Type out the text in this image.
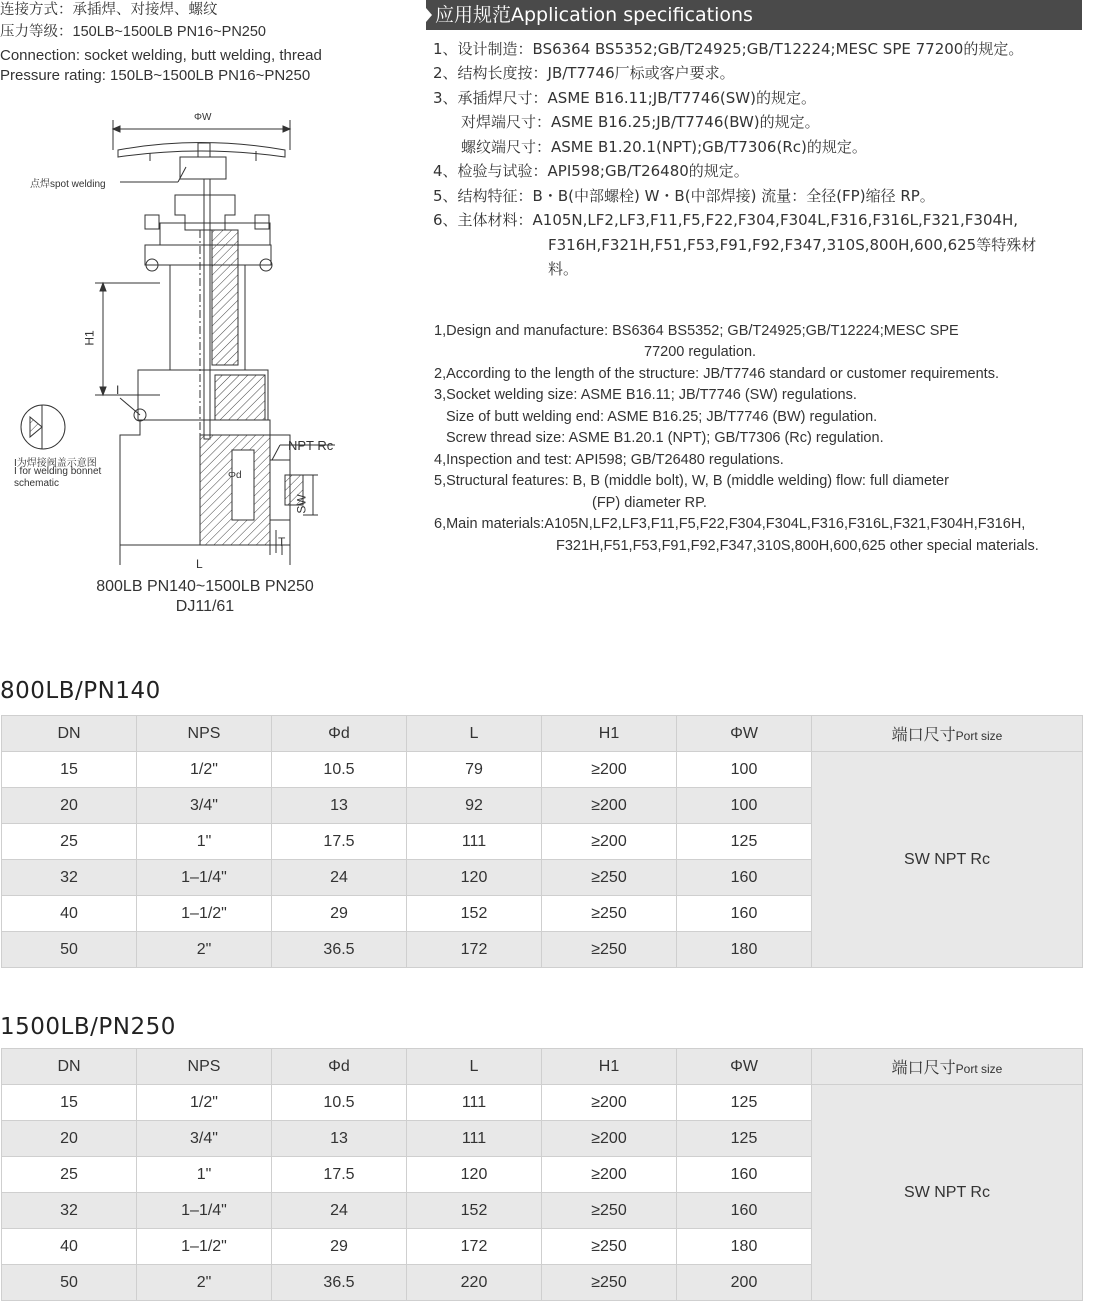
连接方式：承插焊、对接焊、螺纹
压力等级：150LB~1500LB PN16~PN250
Connection: socket welding, butt welding, thread
Pressure rating: 150LB~1500LB PN16~PN250
ΦW
点焊spot welding
H1
I
NPT Rc
Φd
SW
T
L
I为焊接阀盖示意图
I for welding bonnet
schematic
800LB PN140~1500LB PN250
DJ11/61
应用规范Application specifications
1、设计制造：BS6364 BS5352;GB/T24925;GB/T12224;MESC SPE 77200的规定。
2、结构长度按：JB/T7746厂标或客户要求。
3、承插焊尺寸：ASME B16.11;JB/T7746(SW)的规定。
对焊端尺寸：ASME B16.25;JB/T7746(BW)的规定。
螺纹端尺寸：ASME B1.20.1(NPT);GB/T7306(Rc)的规定。
4、检验与试验：API598;GB/T26480的规定。
5、结构特征：B・B(中部螺栓) W・B(中部焊接) 流量：全径(FP)缩径 RP。
6、主体材料：A105N,LF2,LF3,F11,F5,F22,F304,F304L,F316,F316L,F321,F304H,
F316H,F321H,F51,F53,F91,F92,F347,310S,800H,600,625等特殊材
料。
1,Design and manufacture: BS6364 BS5352; GB/T24925;GB/T12224;MESC SPE
77200 regulation.
2,According to the length of the structure: JB/T7746 standard or customer requirements.
3,Socket welding size: ASME B16.11; JB/T7746 (SW) regulations.
Size of butt welding end: ASME B16.25; JB/T7746 (BW) regulation.
Screw thread size: ASME B1.20.1 (NPT); GB/T7306 (Rc) regulation.
4,Inspection and test: API598; GB/T26480 regulations.
5,Structural features: B, B (middle bolt), W, B (middle welding) flow: full diameter
(FP) diameter RP.
6,Main materials:A105N,LF2,LF3,F11,F5,F22,F304,F304L,F316,F316L,F321,F304H,F316H,
F321H,F51,F53,F91,F92,F347,310S,800H,600,625 other special materials.
800LB/PN140
DN	NPS	Φd	L	H1	ΦW	端口尺寸Port size
15	1/2"	10.5	79	≥200	100	SW NPT Rc
20	3/4"	13	92	≥200	100	
25	1"	17.5	111	≥200	125	
32	1–1/4"	24	120	≥250	160	
40	1–1/2"	29	152	≥250	160	
50	2"	36.5	172	≥250	180	
1500LB/PN250
DN	NPS	Φd	L	H1	ΦW	端口尺寸Port size
15	1/2"	10.5	111	≥200	125	SW NPT Rc
20	3/4"	13	111	≥200	125	
25	1"	17.5	120	≥200	160	
32	1–1/4"	24	152	≥250	160	
40	1–1/2"	29	172	≥250	180	
50	2"	36.5	220	≥250	200	
